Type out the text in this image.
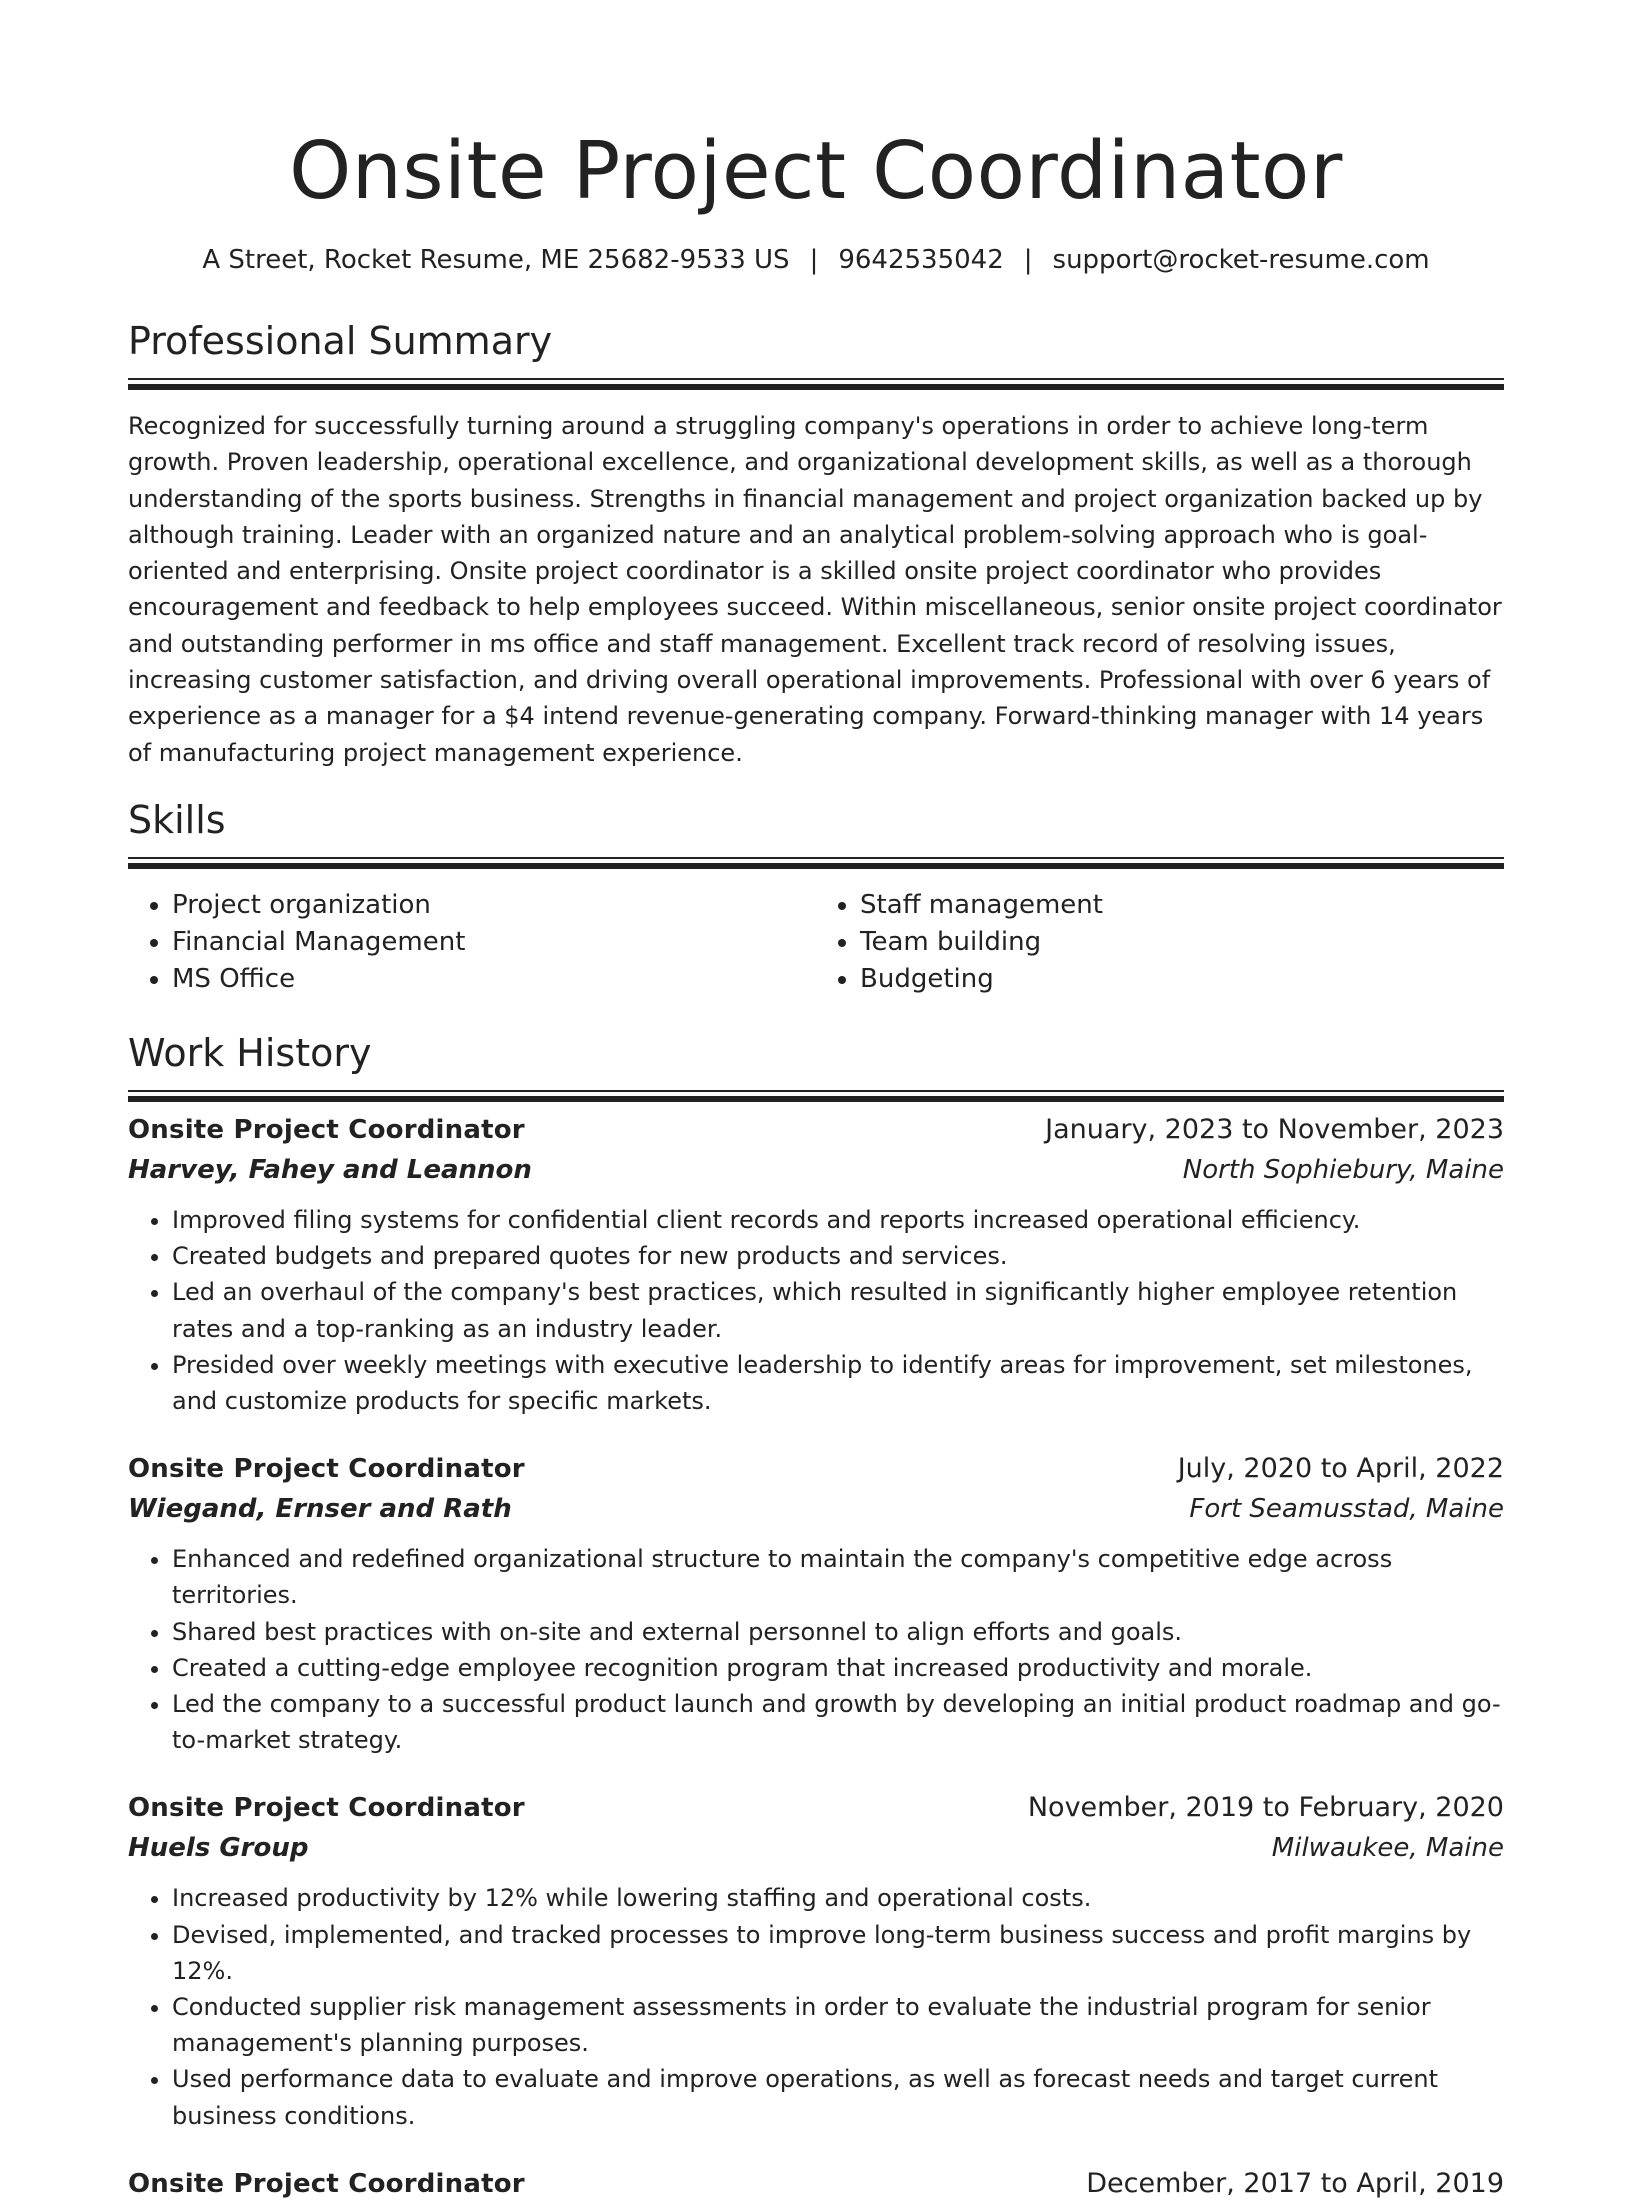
Onsite Project Coordinator
A Street, Rocket Resume, ME 25682-9533 US | 9642535042 | support@rocket-resume.com
Professional Summary

Recognized for successfully turning around a struggling company's operations in order to achieve long-term growth. Proven leadership, operational excellence, and organizational development skills, as well as a thorough understanding of the sports business. Strengths in financial management and project organization backed up by although training. Leader with an organized nature and an analytical problem-solving approach who is goal-oriented and enterprising. Onsite project coordinator is a skilled onsite project coordinator who provides encouragement and feedback to help employees succeed. Within miscellaneous, senior onsite project coordinator and outstanding performer in ms office and staff management. Excellent track record of resolving issues, increasing customer satisfaction, and driving overall operational improvements. Professional with over 6 years of experience as a manager for a $4 intend revenue-generating company. Forward-thinking manager with 14 years of manufacturing project management experience.

Skills
• Project organization
• Financial Management
• MS Office
• Staff management
• Team building
• Budgeting
Work History
Onsite Project Coordinator	January, 2023 to November, 2023
Harvey, Fahey and Leannon	North Sophiebury, Maine
• Improved filing systems for confidential client records and reports increased operational efficiency.
• Created budgets and prepared quotes for new products and services.
• Led an overhaul of the company's best practices, which resulted in significantly higher employee retention rates and a top-ranking as an industry leader.
• Presided over weekly meetings with executive leadership to identify areas for improvement, set milestones, and customize products for specific markets.
Onsite Project Coordinator	July, 2020 to April, 2022
Wiegand, Ernser and Rath	Fort Seamusstad, Maine
• Enhanced and redefined organizational structure to maintain the company's competitive edge across territories.
• Shared best practices with on-site and external personnel to align efforts and goals.
• Created a cutting-edge employee recognition program that increased productivity and morale.
• Led the company to a successful product launch and growth by developing an initial product roadmap and go-to-market strategy.
Onsite Project Coordinator	November, 2019 to February, 2020
Huels Group	Milwaukee, Maine
• Increased productivity by 12% while lowering staffing and operational costs.
• Devised, implemented, and tracked processes to improve long-term business success and profit margins by 12%.
• Conducted supplier risk management assessments in order to evaluate the industrial program for senior management's planning purposes.
• Used performance data to evaluate and improve operations, as well as forecast needs and target current business conditions.
Onsite Project Coordinator	December, 2017 to April, 2019
